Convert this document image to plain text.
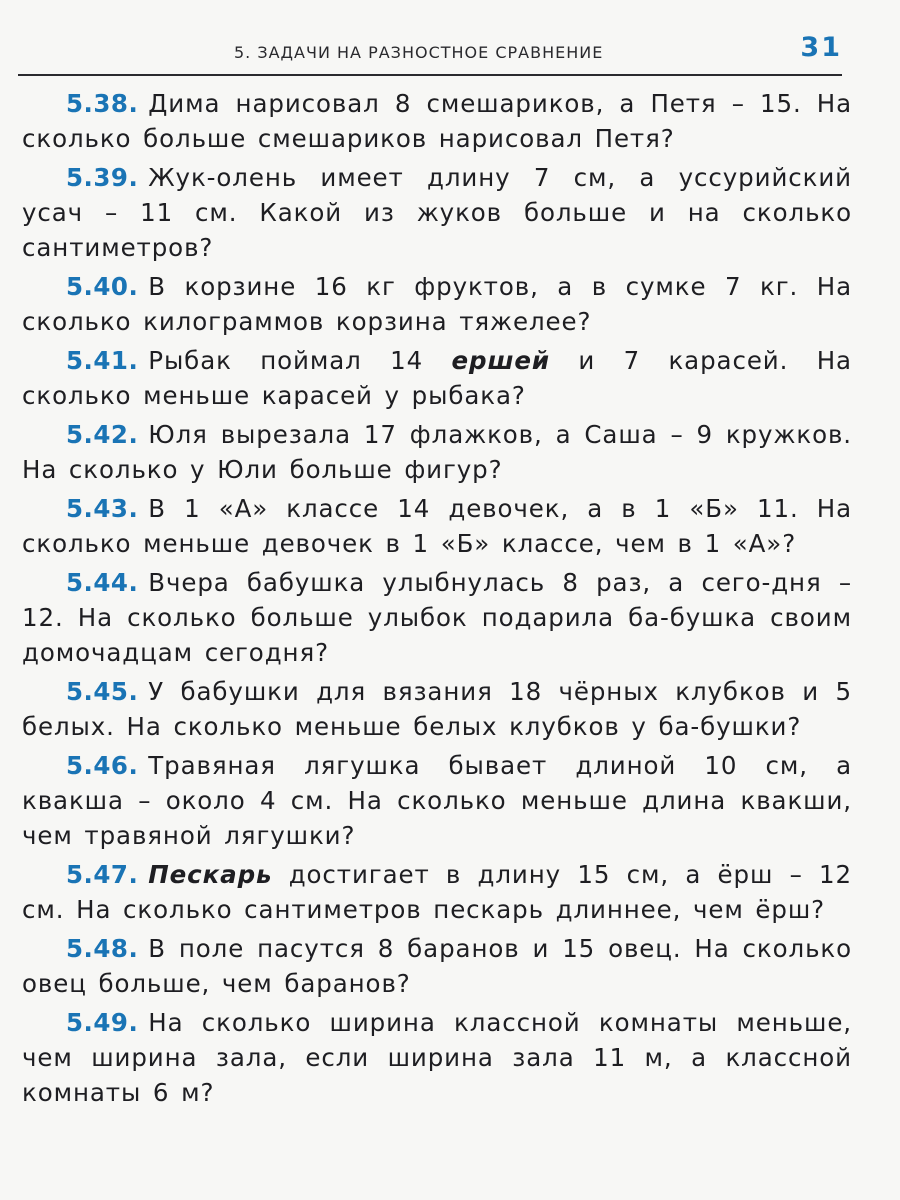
5. ЗАДАЧИ НА РАЗНОСТНОЕ СРАВНЕНИЕ	31
5.38. Дима нарисовал 8 смешариков, а Петя – 15. На сколько больше смешариков нарисовал Петя?
5.39. Жук-олень имеет длину 7 см, а уссурийский усач – 11 см. Какой из жуков больше и на сколько сантиметров?
5.40. В корзине 16 кг фруктов, а в сумке 7 кг. На сколько килограммов корзина тяжелее?
5.41. Рыбак поймал 14 ершей и 7 карасей. На сколько меньше карасей у рыбака?
5.42. Юля вырезала 17 флажков, а Саша – 9 кружков. На сколько у Юли больше фигур?
5.43. В 1 «А» классе 14 девочек, а в 1 «Б» 11. На сколько меньше девочек в 1 «Б» классе, чем в 1 «А»?
5.44. Вчера бабушка улыбнулась 8 раз, а сего-дня – 12. На сколько больше улыбок подарила ба-бушка своим домочадцам сегодня?
5.45. У бабушки для вязания 18 чёрных клубков и 5 белых. На сколько меньше белых клубков у ба-бушки?
5.46. Травяная лягушка бывает длиной 10 см, а квакша – около 4 см. На сколько меньше длина квакши, чем травяной лягушки?
5.47. Пескарь достигает в длину 15 см, а ёрш – 12 см. На сколько сантиметров пескарь длиннее, чем ёрш?
5.48. В поле пасутся 8 баранов и 15 овец. На сколько овец больше, чем баранов?
5.49. На сколько ширина классной комнаты меньше, чем ширина зала, если ширина зала 11 м, а классной комнаты 6 м?
